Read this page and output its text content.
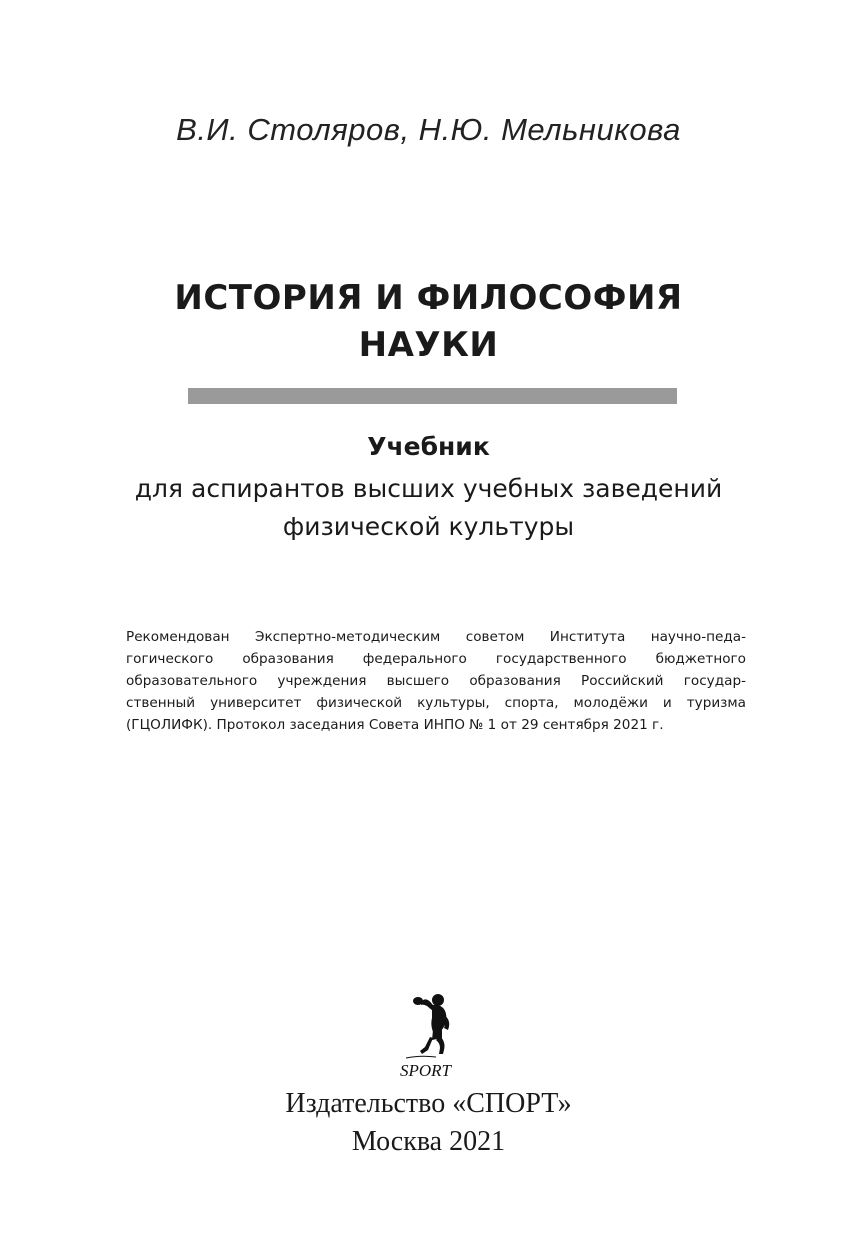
В.И. Столяров, Н.Ю. Мельникова
ИСТОРИЯ И ФИЛОСОФИЯ
НАУКИ
Учебник
для аспирантов высших учебных заведений
физической культуры
Рекомендован Экспертно-методическим советом Института научно-педа-
гогического образования федерального государственного бюджетного
образовательного учреждения высшего образования Российский государ-
ственный университет физической культуры, спорта, молодёжи и туризма
(ГЦОЛИФК). Протокол заседания Совета ИНПО № 1 от 29 сентября 2021 г.
SPORT
Издательство «СПОРТ»
Москва 2021
